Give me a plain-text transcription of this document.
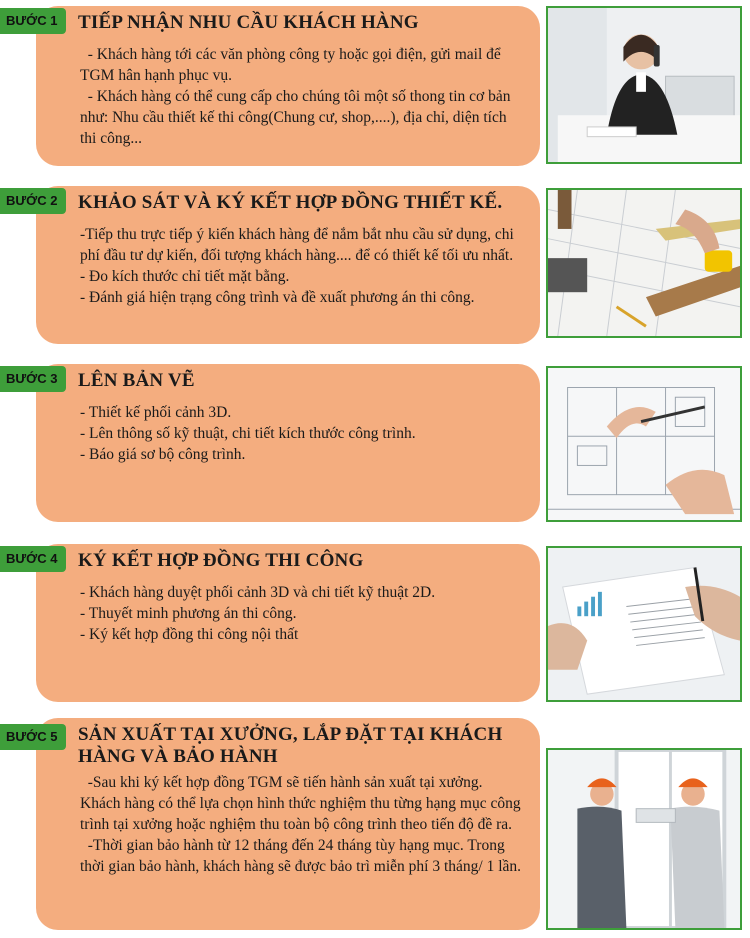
TIẾP NHẬN NHU CẦU KHÁCH HÀNG

- Khách hàng tới các văn phòng công ty hoặc gọi điện, gửi mail để TGM hân hạnh phục vụ.

- Khách hàng có thể cung cấp cho chúng tôi một số thong tin cơ bản như: Nhu cầu thiết kế thi công(Chung cư, shop,....), địa chỉ, diện tích thi công...

BƯỚC 1
KHẢO SÁT VÀ KÝ KẾT HỢP ĐỒNG THIẾT KẾ.

-Tiếp thu trực tiếp ý kiến khách hàng để nắm bắt nhu cầu sử dụng, chi phí đầu tư dự kiến, đối tượng khách hàng.... để có thiết kế tối ưu nhất.

- Đo kích thước chỉ tiết mặt bằng.

- Đánh giá hiện trạng công trình và đề xuất phương án thi công.

BƯỚC 2
LÊN BẢN VẼ

- Thiết kế phối cảnh 3D.

- Lên thông số kỹ thuật, chi tiết kích thước công trình.

- Báo giá sơ bộ công trình.

BƯỚC 3
KÝ KẾT HỢP ĐỒNG THI CÔNG

- Khách hàng duyệt phối cảnh 3D và chi tiết kỹ thuật 2D.

- Thuyết minh phương án thi công.

- Ký kết hợp đồng thi công nội thất

BƯỚC 4
SẢN XUẤT TẠI XƯỞNG, LẮP ĐẶT TẠI KHÁCH HÀNG VÀ BẢO HÀNH

-Sau khi ký kết hợp đồng TGM sẽ tiến hành sản xuất tại xưởng. Khách hàng có thể lựa chọn hình thức nghiệm thu từng hạng mục công trình tại xưởng hoặc nghiệm thu toàn bộ công trình theo tiến độ đề ra.

-Thời gian bảo hành từ 12 tháng đến 24 tháng tùy hạng mục. Trong thời gian bảo hành, khách hàng sẽ được bảo trì miễn phí 3 tháng/ 1 lần.

BƯỚC 5
